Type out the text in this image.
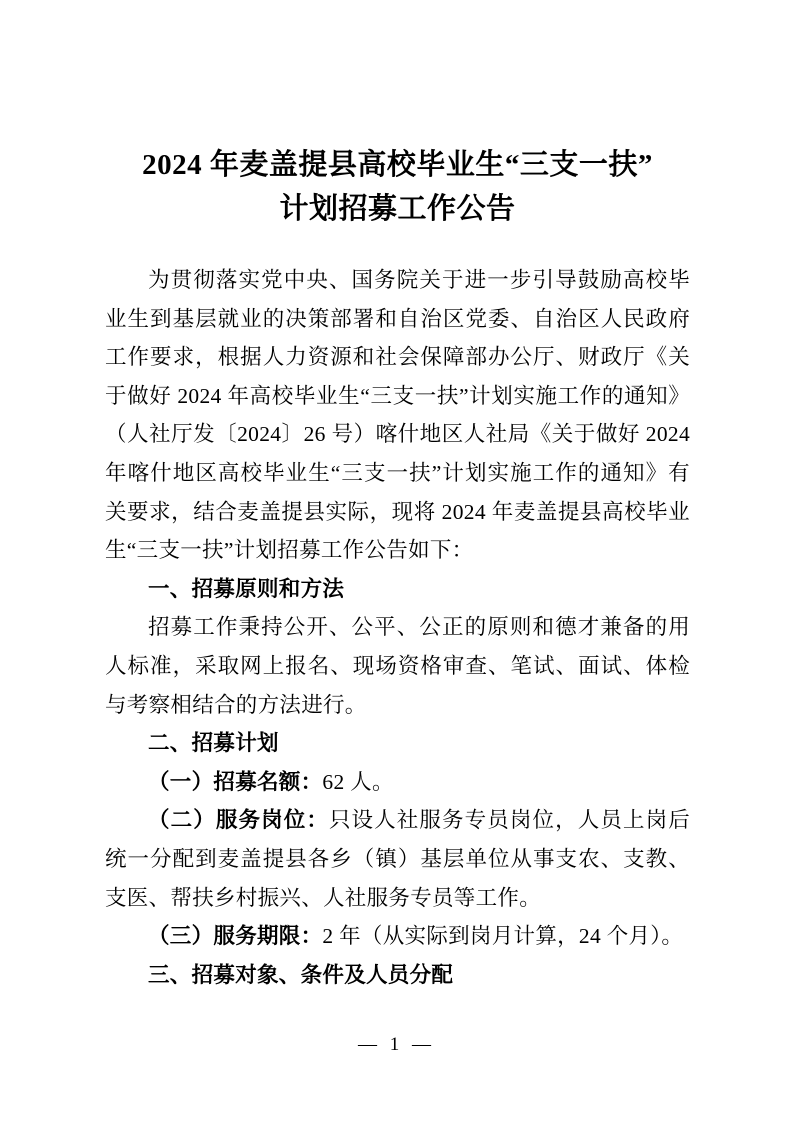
2024 年麦盖提县高校毕业生“三支一扶”
计划招募工作公告

为贯彻落实党中央、国务院关于进一步引导鼓励高校毕业生到基层就业的决策部署和自治区党委、自治区人民政府工作要求，根据人力资源和社会保障部办公厅、财政厅《关于做好 2024 年高校毕业生“三支一扶”计划实施工作的通知》（人社厅发〔2024〕26 号）喀什地区人社局《关于做好 2024 年喀什地区高校毕业生“三支一扶”计划实施工作的通知》有关要求，结合麦盖提县实际，现将 2024 年麦盖提县高校毕业生“三支一扶”计划招募工作公告如下：

一、招募原则和方法

招募工作秉持公开、公平、公正的原则和德才兼备的用人标准，采取网上报名、现场资格审查、笔试、面试、体检与考察相结合的方法进行。

二、招募计划

（一）招募名额：62 人。

（二）服务岗位：只设人社服务专员岗位，人员上岗后统一分配到麦盖提县各乡（镇）基层单位从事支农、支教、支医、帮扶乡村振兴、人社服务专员等工作。

（三）服务期限：2 年（从实际到岗月计算，24 个月）。

三、招募对象、条件及人员分配
— 1 —
